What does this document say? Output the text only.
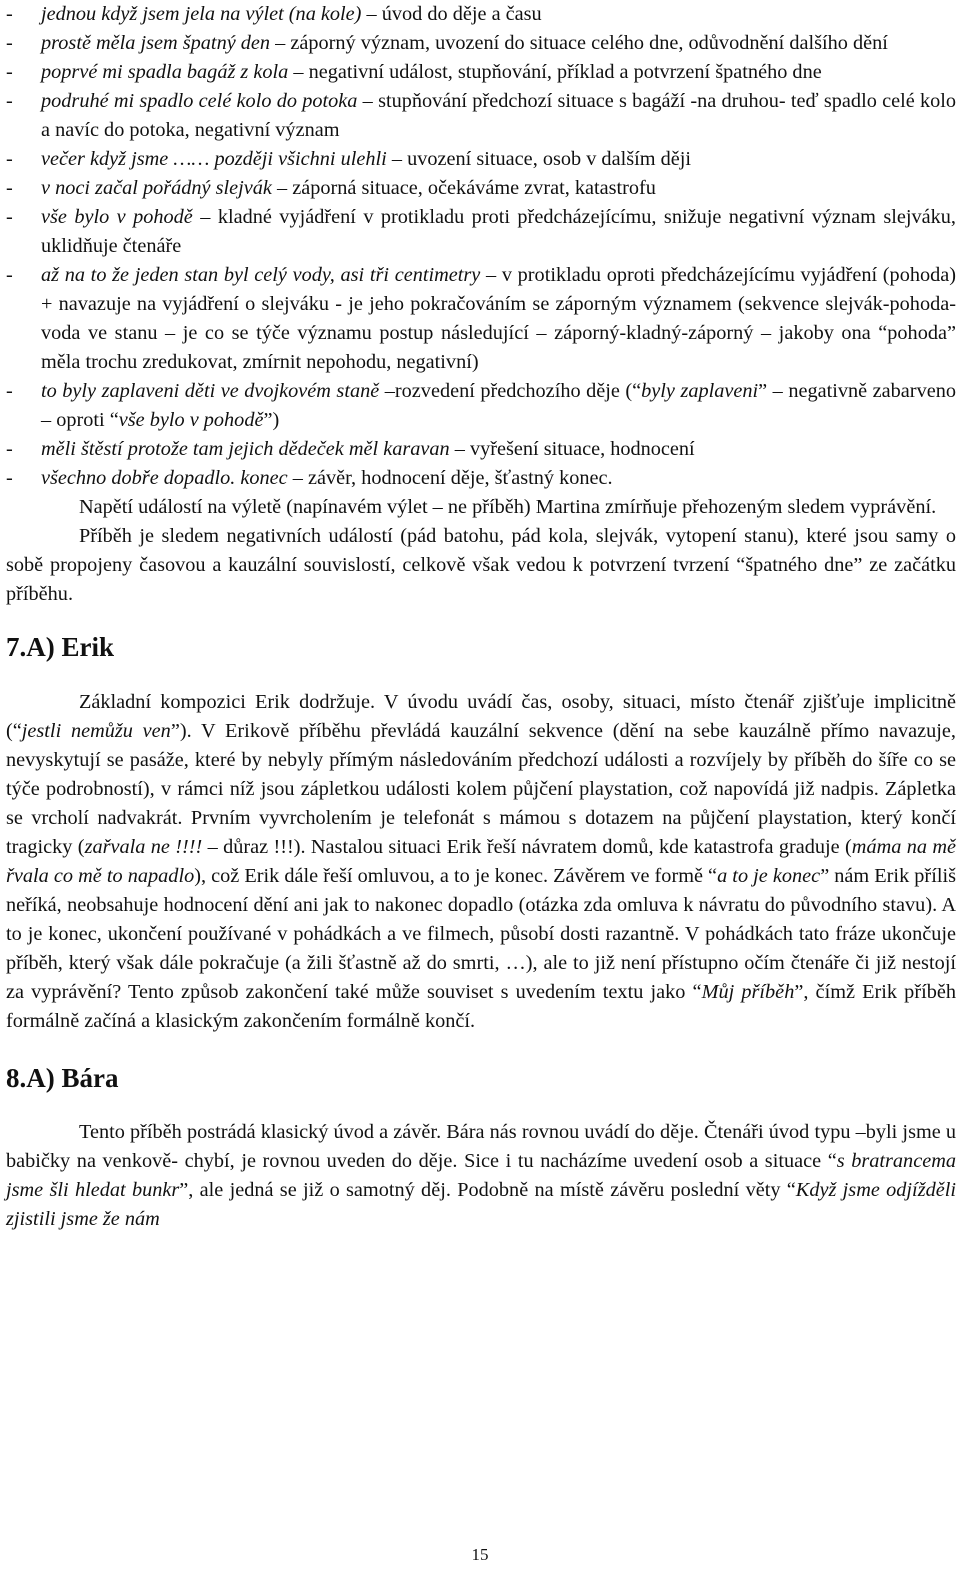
- jednou když jsem jela na výlet (na kole) – úvod do děje a času
- prostě měla jsem špatný den – záporný význam, uvození do situace celého dne, odůvodnění dalšího dění
- poprvé mi spadla bagáž z kola – negativní událost, stupňování, příklad a potvrzení špatného dne
- podruhé mi spadlo celé kolo do potoka – stupňování předchozí situace s bagáží -na druhou- teď spadlo celé kolo a navíc do potoka, negativní význam
- večer když jsme …… později všichni ulehli – uvození situace, osob v dalším ději
- v noci začal pořádný slejvák – záporná situace, očekáváme zvrat, katastrofu
- vše bylo v pohodě – kladné vyjádření v protikladu proti předcházejícímu, snižuje negativní význam slejváku, uklidňuje čtenáře
- až na to že jeden stan byl celý vody, asi tři centimetry – v protikladu oproti předcházejícímu vyjádření (pohoda) + navazuje na vyjádření o slejváku - je jeho pokračováním se záporným významem (sekvence slejvák-pohoda-voda ve stanu – je co se týče významu postup následující – záporný-kladný-záporný – jakoby ona “pohoda” měla trochu zredukovat, zmírnit nepohodu, negativní)
- to byly zaplaveni děti ve dvojkovém staně –rozvedení předchozího děje (“byly zaplaveni” – negativně zabarveno – oproti “vše bylo v pohodě”)
- měli štěstí protože tam jejich dědeček měl karavan – vyřešení situace, hodnocení
- všechno dobře dopadlo. konec – závěr, hodnocení děje, šťastný konec.

Napětí událostí na výletě (napínavém výlet – ne příběh) Martina zmírňuje přehozeným sledem vyprávění.

Příběh je sledem negativních událostí (pád batohu, pád kola, slejvák, vytopení stanu), které jsou samy o sobě propojeny časovou a kauzální souvislostí, celkově však vedou k potvrzení tvrzení “špatného dne” ze začátku příběhu.

7.A) Erik

Základní kompozici Erik dodržuje. V úvodu uvádí čas, osoby, situaci, místo čtenář zjišťuje implicitně (“jestli nemůžu ven”). V Erikově příběhu převládá kauzální sekvence (dění na sebe kauzálně přímo navazuje, nevyskytují se pasáže, které by nebyly přímým následováním předchozí události a rozvíjely by příběh do šíře co se týče podrobností), v rámci níž jsou zápletkou události kolem půjčení playstation, což napovídá již nadpis. Zápletka se vrcholí nadvakrát. Prvním vyvrcholením je telefonát s mámou s dotazem na půjčení playstation, který končí tragicky (zařvala ne !!!! – důraz !!!). Nastalou situaci Erik řeší návratem domů, kde katastrofa graduje (máma na mě řvala co mě to napadlo), což Erik dále řeší omluvou, a to je konec. Závěrem ve formě “a to je konec” nám Erik příliš neříká, neobsahuje hodnocení dění ani jak to nakonec dopadlo (otázka zda omluva k návratu do původního stavu). A to je konec, ukončení používané v pohádkách a ve filmech, působí dosti razantně. V pohádkách tato fráze ukončuje příběh, který však dále pokračuje (a žili šťastně až do smrti, …), ale to již není přístupno očím čtenáře či již nestojí za vyprávění? Tento způsob zakončení také může souviset s uvedením textu jako “Můj příběh”, čímž Erik příběh formálně začíná a klasickým zakončením formálně končí.

8.A) Bára

Tento příběh postrádá klasický úvod a závěr. Bára nás rovnou uvádí do děje. Čtenáři úvod typu –byli jsme u babičky na venkově- chybí, je rovnou uveden do děje. Sice i tu nacházíme uvedení osob a situace “s bratrancema jsme šli hledat bunkr”, ale jedná se již o samotný děj. Podobně na místě závěru poslední věty “Když jsme odjížděli zjistili jsme že nám

15
